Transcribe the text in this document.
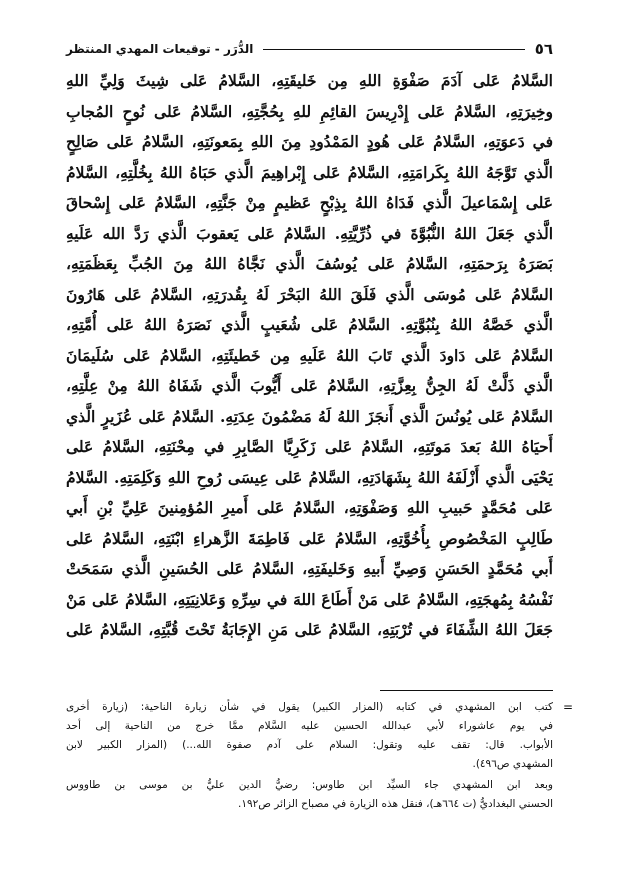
٥٦
الدُّرَر - توقيعات المهدي المنتظر
السَّلامُ عَلى آدَمَ صَفْوَةِ اللهِ مِن خَليقَتِهِ، السَّلامُ عَلى شِيثَ وَلِيِّ اللهِ
وخِيرَتِهِ، السَّلامُ عَلى إِدْرِيسَ القائِمِ للهِ بِحُجَّتِهِ، السَّلامُ عَلى نُوحٍ المُجابِ
في دَعوَتِهِ، السَّلامُ عَلى هُودٍ المَمْدُودِ مِنَ اللهِ بِمَعونَتِهِ، السَّلامُ عَلى صَالِحٍ
الَّذي تَوَّجَهُ اللهُ بِكَرامَتِهِ، السَّلامُ عَلى إِبْراهِيمَ الَّذي حَبَاهُ اللهُ بِخُلَّتِهِ، السَّلامُ
عَلى إِسْمَاعيلَ الَّذي فَدَاهُ اللهُ بِذِبْحٍ عَظيمٍ مِنْ جَنَّتِهِ، السَّلامُ عَلى إِسْحاقَ
الَّذي جَعَلَ اللهُ النُّبُوَّةَ في ذُرِّيَّتِهِ. السَّلامُ عَلى يَعقوبَ الَّذي رَدَّ الله عَلَيهِ
بَصَرَهُ بِرَحمَتِهِ، السَّلامُ عَلى يُوسُفَ الَّذي نَجَّاهُ اللهُ مِنَ الجُبِّ بِعَظَمَتِهِ،
السَّلامُ عَلى مُوسَى الَّذي فَلَقَ اللهُ البَحْرَ لَهُ بِقُدرَتِهِ، السَّلامُ عَلى هَارُونَ
الَّذي خَصَّهُ اللهُ بِنُبُوَّتِهِ. السَّلامُ عَلى شُعَيبٍ الَّذي نَصَرَهُ اللهُ عَلى أُمَّتِهِ،
السَّلامُ عَلى دَاودَ الَّذي تَابَ اللهُ عَلَيهِ مِن خَطيئَتِهِ، السَّلامُ عَلى سُلَيمَانَ
الَّذي ذَلَّتْ لَهُ الجِنُّ بِعِزَّتِهِ، السَّلامُ عَلى أَيُّوبَ الَّذي شَفَاهُ اللهُ مِنْ عِلَّتِهِ،
السَّلامُ عَلى يُونُسَ الَّذي أَنجَزَ اللهُ لَهُ مَضْمُونَ عِدَتِهِ. السَّلامُ عَلى عُزَيرٍ الَّذي
أَحيَاهُ اللهُ بَعدَ مَوتَتِهِ، السَّلامُ عَلى زَكَرِيَّا الصَّابِرِ في مِحْنَتِهِ، السَّلامُ عَلى
يَحْيَى الَّذي أَزْلَفَهُ اللهُ بِشَهَادَتِهِ، السَّلامُ عَلى عِيسَى رُوحِ اللهِ وَكَلِمَتِهِ. السَّلامُ
عَلى مُحَمَّدٍ حَبيبِ اللهِ وَصَفْوَتِهِ، السَّلامُ عَلى أَميرِ المُؤمِنينَ عَلِيِّ بْنِ أَبي
طَالِبٍ المَخْصُوصِ بِأُخُوَّتِهِ، السَّلامُ عَلى فَاطِمَةَ الزَّهراءِ ابْنَتِهِ، السَّلامُ عَلى
أَبي مُحَمَّدٍ الحَسَنِ وَصِيِّ أَبيهِ وَخَليفَتِهِ، السَّلامُ عَلى الحُسَينِ الَّذي سَمَحَتْ
نَفْسُهُ بِمُهجَتِهِ، السَّلامُ عَلى مَنْ أَطَاعَ اللهَ في سِرِّهِ وَعَلانِيَتِهِ، السَّلامُ عَلى مَنْ
جَعَلَ اللهُ الشِّفَاءَ في تُرْبَتِهِ، السَّلامُ عَلى مَنِ الإِجَابَةُ تَحْتَ قُبَّتِهِ، السَّلامُ عَلى
=
كتب ابن المشهدي في كتابه (المزار الكبير) يقول في شأن زيارة الناحية: (زيارة أخرى
في يوم عاشوراء لأبي عبدالله الحسين عليه السَّلام ممَّا خرج من الناحية إلى أحد
الأبواب. قال: تقف عليه وتقول: السلام على آدم صفوة الله...) (المزار الكبير لابن
المشهدي ص٤٩٦).
وبعد ابن المشهدي جاء السيِّد ابن طاوس: رضيُّ الدين عليُّ بن موسى بن طاووس
الحسني البغداديُّ (ت ٦٦٤هـ)، فنقل هذه الزيارة في مصباح الزائر ص١٩٢.
